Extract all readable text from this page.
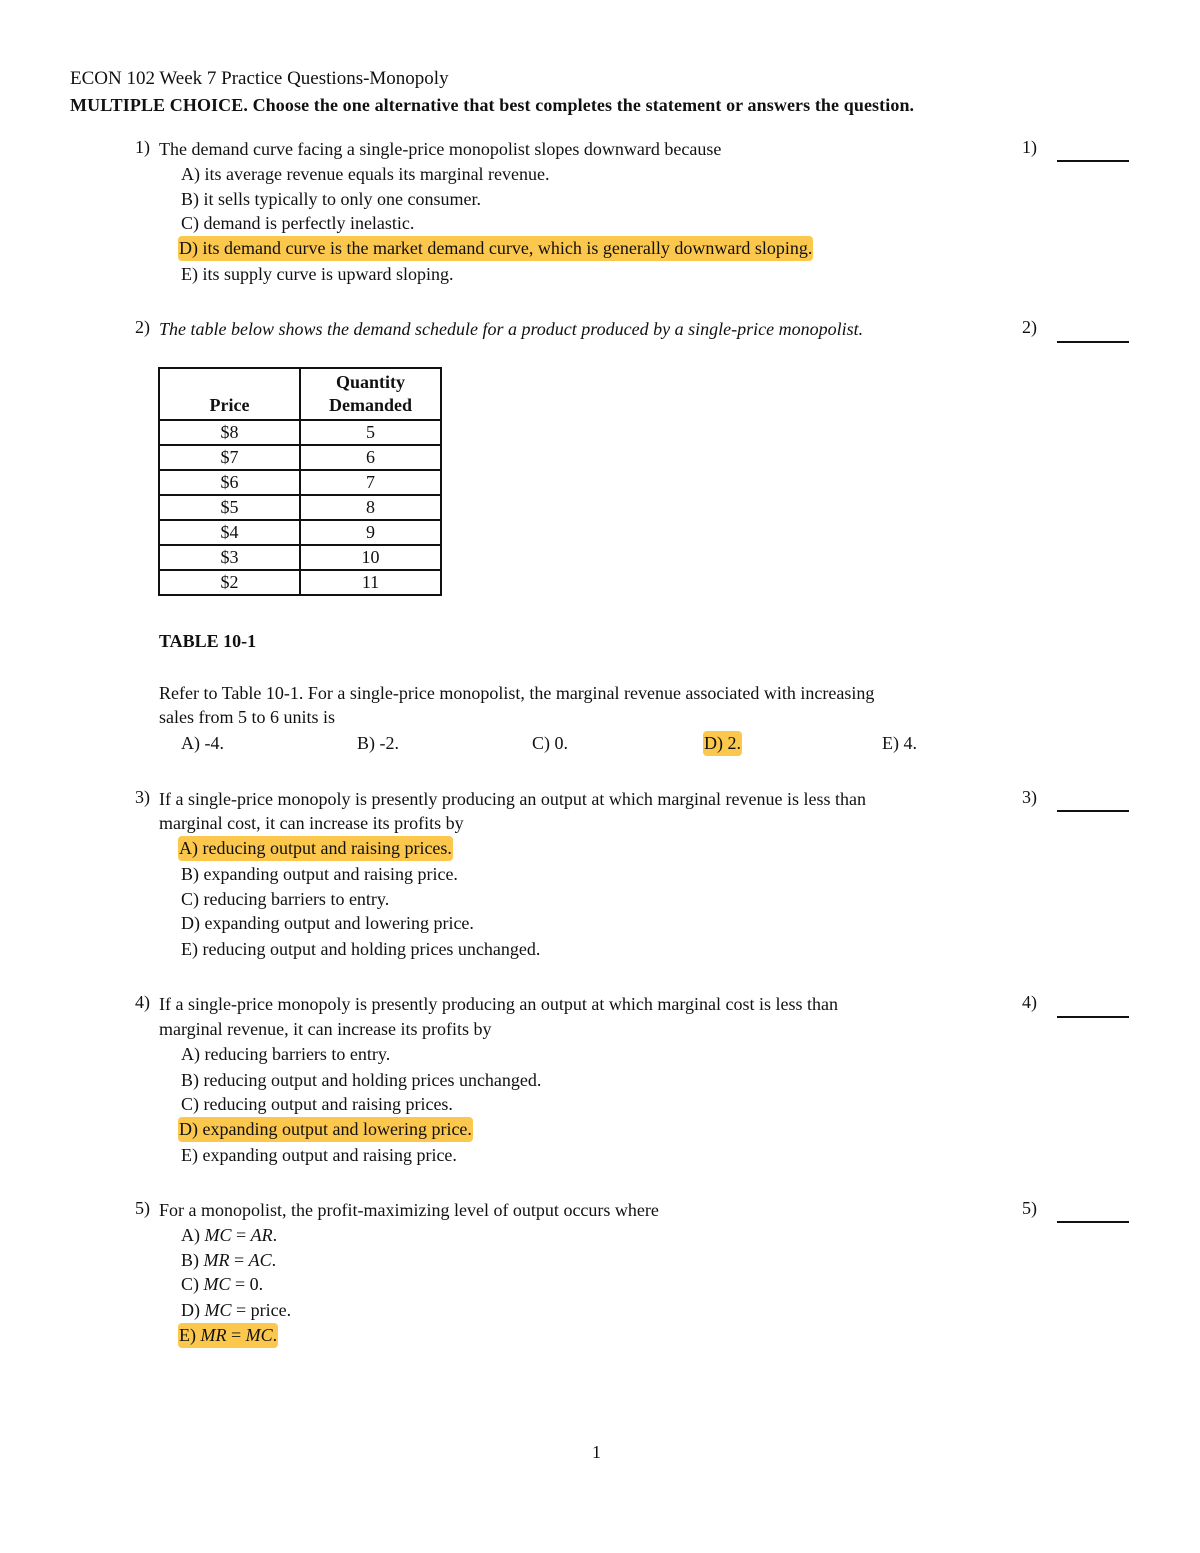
ECON 102 Week 7 Practice Questions-Monopoly
MULTIPLE CHOICE. Choose the one alternative that best completes the statement or answers the question.
1) The demand curve facing a single-price monopolist slopes downward because	1)
A) its average revenue equals its marginal revenue.
B) it sells typically to only one consumer.
C) demand is perfectly inelastic.
D) its demand curve is the market demand curve, which is generally downward sloping.
E) its supply curve is upward sloping.
2) The table below shows the demand schedule for a product produced by a single-price monopolist.	2)
Price	Quantity
Demanded
$8	5
$7	6
$6	7
$5	8
$4	9
$3	10
$2	11
TABLE 10-1
Refer to Table 10-1. For a single-price monopolist, the marginal revenue associated with increasing
sales from 5 to 6 units is
A) -4.	B) -2.	C) 0.	D) 2.	E) 4.
3) If a single-price monopoly is presently producing an output at which marginal revenue is less than
marginal cost, it can increase its profits by
3)
A) reducing output and raising prices.
B) expanding output and raising price.
C) reducing barriers to entry.
D) expanding output and lowering price.
E) reducing output and holding prices unchanged.
4) If a single-price monopoly is presently producing an output at which marginal cost is less than
marginal revenue, it can increase its profits by
4)
A) reducing barriers to entry.
B) reducing output and holding prices unchanged.
C) reducing output and raising prices.
D) expanding output and lowering price.
E) expanding output and raising price.
5) For a monopolist, the profit-maximizing level of output occurs where	5)
A) MC = AR.
B) MR = AC.
C) MC = 0.
D) MC = price.
E) MR = MC.
1
